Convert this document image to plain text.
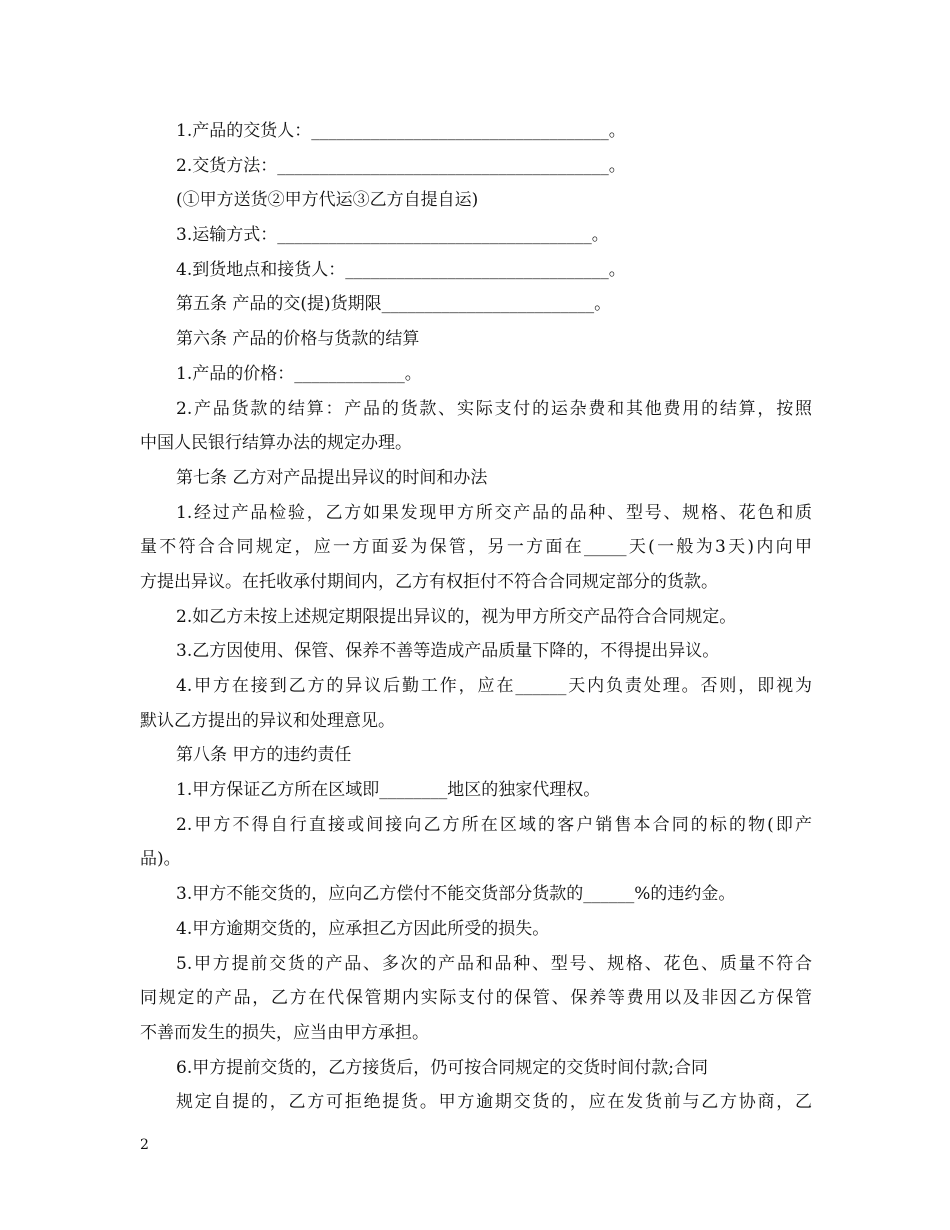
1.产品的交货人：___________________________________。
2.交货方法：_______________________________________。
(①甲方送货②甲方代运③乙方自提自运)
3.运输方式：_____________________________________。
4.到货地点和接货人：_______________________________。
第五条 产品的交(提)货期限_________________________。
第六条 产品的价格与货款的结算
1.产品的价格：_____________。
2.产品货款的结算：产品的货款、实际支付的运杂费和其他费用的结算，按照
中国人民银行结算办法的规定办理。
第七条 乙方对产品提出异议的时间和办法
1.经过产品检验，乙方如果发现甲方所交产品的品种、型号、规格、花色和质
量不符合合同规定，应一方面妥为保管，另一方面在_____天(一般为3天)内向甲
方提出异议。在托收承付期间内，乙方有权拒付不符合合同规定部分的货款。
2.如乙方未按上述规定期限提出异议的，视为甲方所交产品符合合同规定。
3.乙方因使用、保管、保养不善等造成产品质量下降的，不得提出异议。
4.甲方在接到乙方的异议后勤工作，应在______天内负责处理。否则，即视为
默认乙方提出的异议和处理意见。
第八条 甲方的违约责任
1.甲方保证乙方所在区域即________地区的独家代理权。
2.甲方不得自行直接或间接向乙方所在区域的客户销售本合同的标的物(即产
品)。
3.甲方不能交货的，应向乙方偿付不能交货部分货款的______%的违约金。
4.甲方逾期交货的，应承担乙方因此所受的损失。
5.甲方提前交货的产品、多次的产品和品种、型号、规格、花色、质量不符合
同规定的产品，乙方在代保管期内实际支付的保管、保养等费用以及非因乙方保管
不善而发生的损失，应当由甲方承担。
6.甲方提前交货的，乙方接货后，仍可按合同规定的交货时间付款;合同
规定自提的，乙方可拒绝提货。甲方逾期交货的，应在发货前与乙方协商，乙
2
